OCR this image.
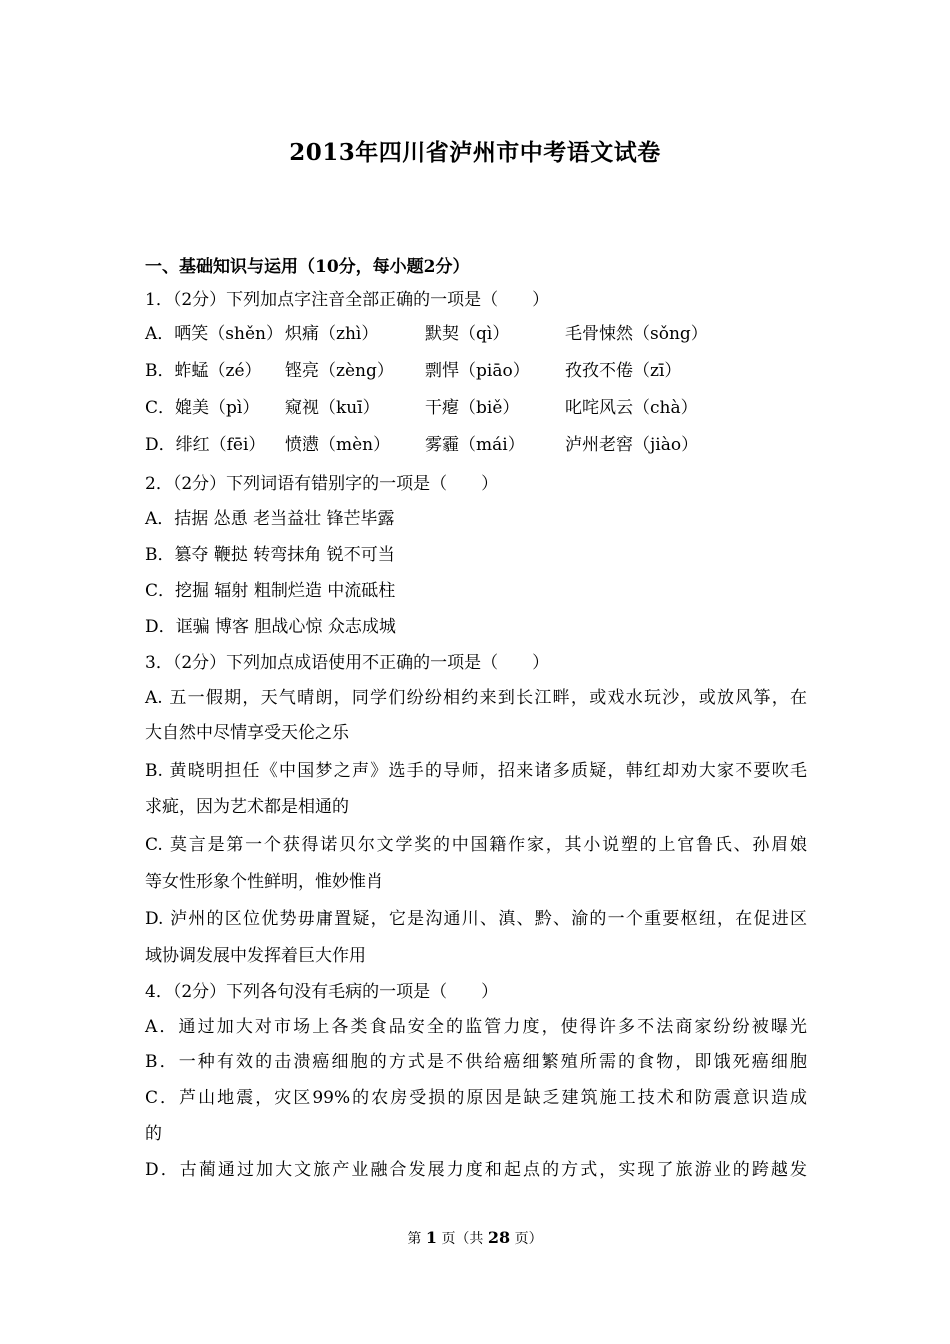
2013年四川省泸州市中考语文试卷
一、基础知识与运用（10分，每小题2分）
1．（2分）下列加点字注音全部正确的一项是（　　）
A．哂笑（shěn） 炽痛（zhì）	默契（qì）	毛骨悚然（sǒng）
B．蚱蜢（zé） 铿亮（zèng） 剽悍（piāo） 孜孜不倦（zī）
C．媲美（pì） 窥视（kuī）	干瘪（biě）	叱咤风云（chà）
D．绯红（fēi） 愤懑（mèn） 雾霾（mái） 泸州老窖（jiào）
2．（2分）下列词语有错别字的一项是（　　）
A．拮据 怂恿 老当益壮 锋芒毕露
B．篡夺 鞭挞 转弯抹角 锐不可当
C．挖掘 辐射 粗制烂造 中流砥柱
D．诓骗 博客 胆战心惊 众志成城
3．（2分）下列加点成语使用不正确的一项是（　　）
A. 五一假期，天气晴朗，同学们纷纷相约来到长江畔，或戏水玩沙，或放风筝，在
大自然中尽情享受天伦之乐
B. 黄晓明担任《中国梦之声》选手的导师，招来诸多质疑，韩红却劝大家不要吹毛
求疵，因为艺术都是相通的
C. 莫言是第一个获得诺贝尔文学奖的中国籍作家，其小说塑的上官鲁氏、孙眉娘
等女性形象个性鲜明，惟妙惟肖
D. 泸州的区位优势毋庸置疑，它是沟通川、滇、黔、渝的一个重要枢纽，在促进区
域协调发展中发挥着巨大作用
4．（2分）下列各句没有毛病的一项是（　　）
A．通过加大对市场上各类食品安全的监管力度，使得许多不法商家纷纷被曝光
B．一种有效的击溃癌细胞的方式是不供给癌细繁殖所需的食物，即饿死癌细胞
C．芦山地震，灾区99%的农房受损的原因是缺乏建筑施工技术和防震意识造成
的
D．古蔺通过加大文旅产业融合发展力度和起点的方式，实现了旅游业的跨越发
第 1 页（共 28 页）
